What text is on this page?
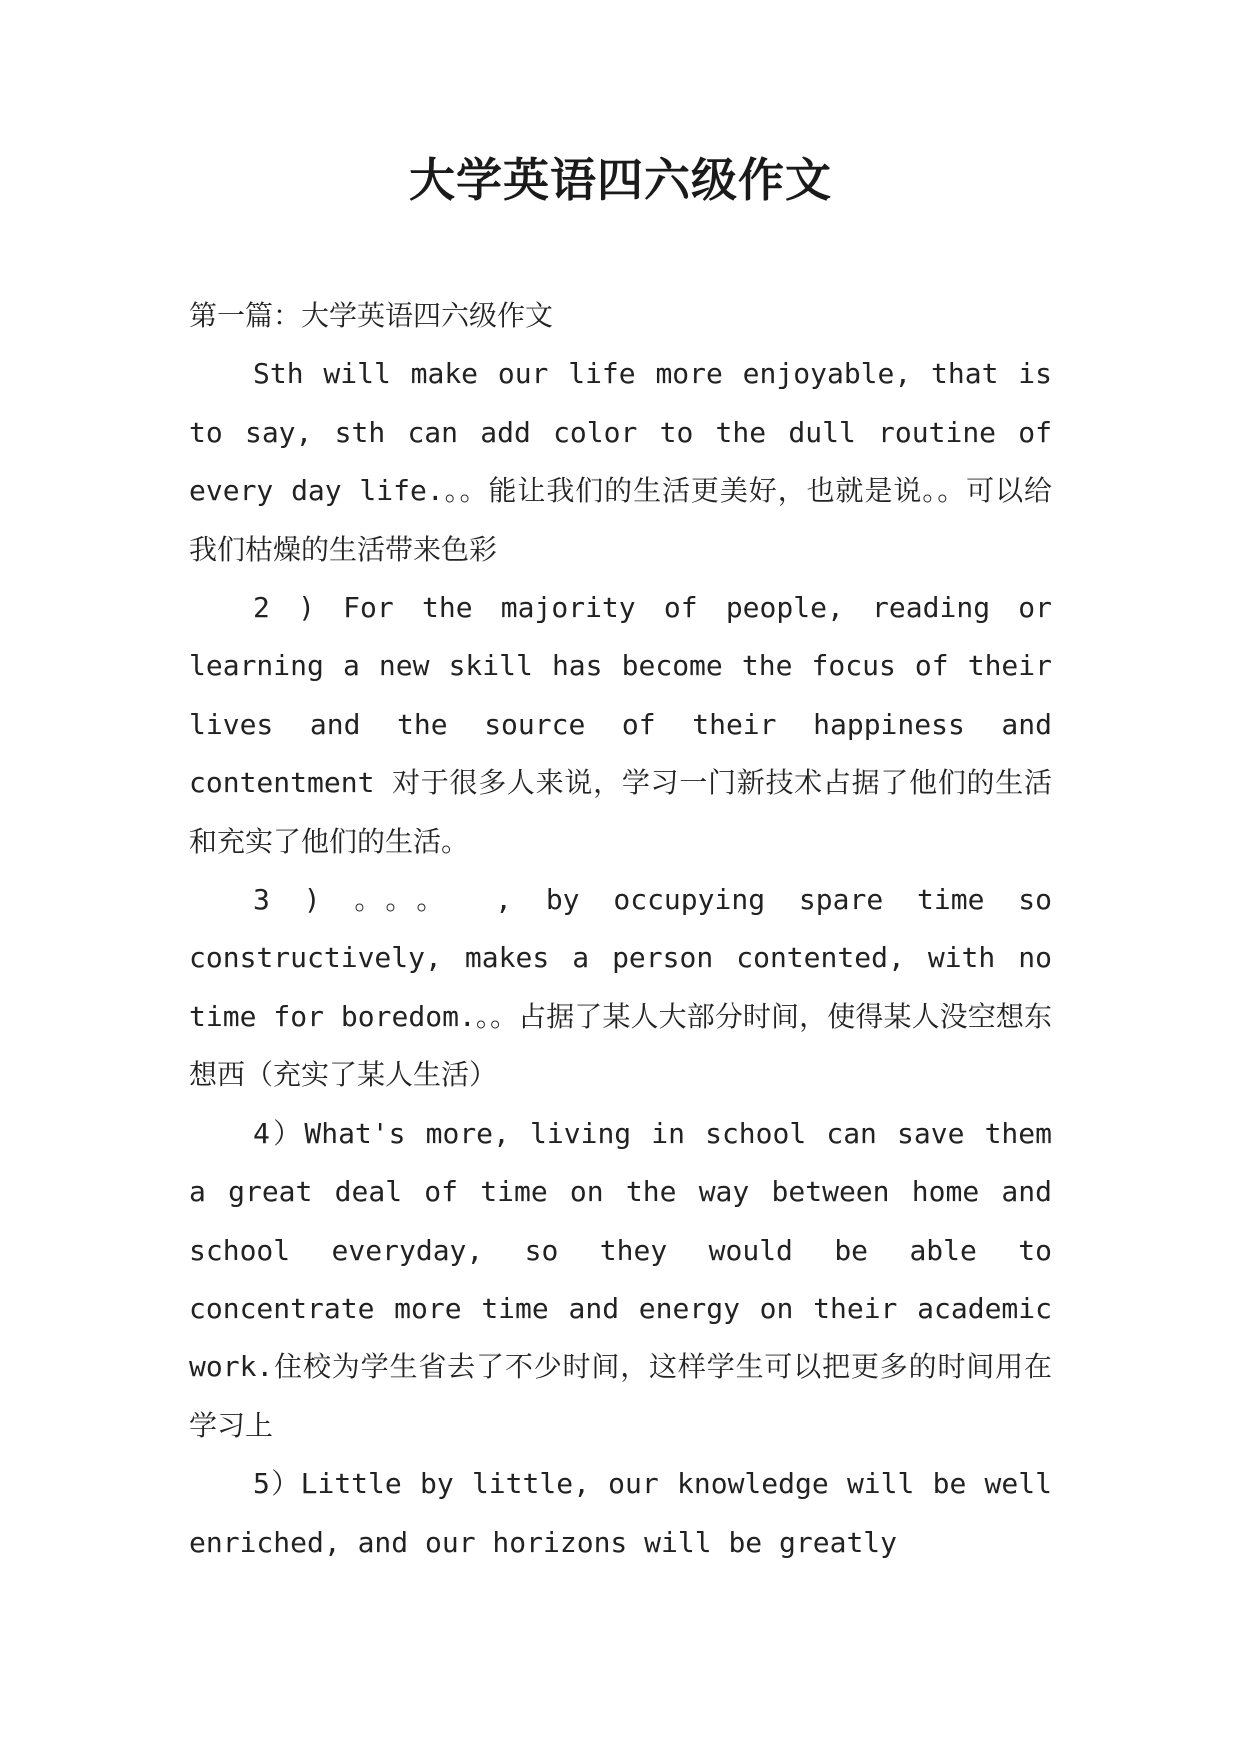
大学英语四六级作文

第一篇：大学英语四六级作文

Sth will make our life more enjoyable, that is to say, sth can add color to the dull routine of every day life.。。能让我们的生活更美好，也就是说。。可以给我们枯燥的生活带来色彩

2 ) For the majority of people, reading or learning a new skill has become the focus of their lives and the source of their happiness and contentment 对于很多人来说，学习一门新技术占据了他们的生活和充实了他们的生活。

3 ) 。。。 , by occupying spare time so constructively, makes a person contented, with no time for boredom.。。占据了某人大部分时间，使得某人没空想东想西（充实了某人生活）

4）What's more, living in school can save them a great deal of time on the way between home and school everyday, so they would be able to concentrate more time and energy on their academic work.住校为学生省去了不少时间，这样学生可以把更多的时间用在学习上

5）Little by little, our knowledge will be well enriched, and our horizons will be greatly
